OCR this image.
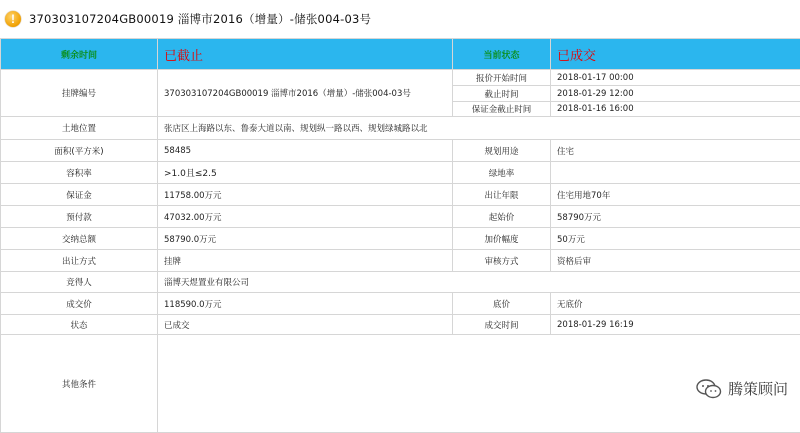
!	370303107204GB00019 淄博市2016（增量）-储张004-03号
剩余时间	已截止	当前状态	已成交
挂牌编号	370303107204GB00019 淄博市2016（增量）-储张004-03号	报价开始时间	2018-01-17 00:00
		截止时间	2018-01-29 12:00
		保证金截止时间	2018-01-16 16:00
土地位置	张店区上海路以东、鲁泰大道以南、规划纵一路以西、规划绿城路以北		
面积(平方米)	58485	规划用途	住宅
容积率	>1.0且≤2.5	绿地率	
保证金	11758.00万元	出让年限	住宅用地70年
预付款	47032.00万元	起始价	58790万元
交纳总额	58790.0万元	加价幅度	50万元
出让方式	挂牌	审核方式	资格后审
竞得人	淄博天煜置业有限公司		
成交价	118590.0万元	底价	无底价
状态	已成交	成交时间	2018-01-29 16:19
其他条件				腾策顾问
